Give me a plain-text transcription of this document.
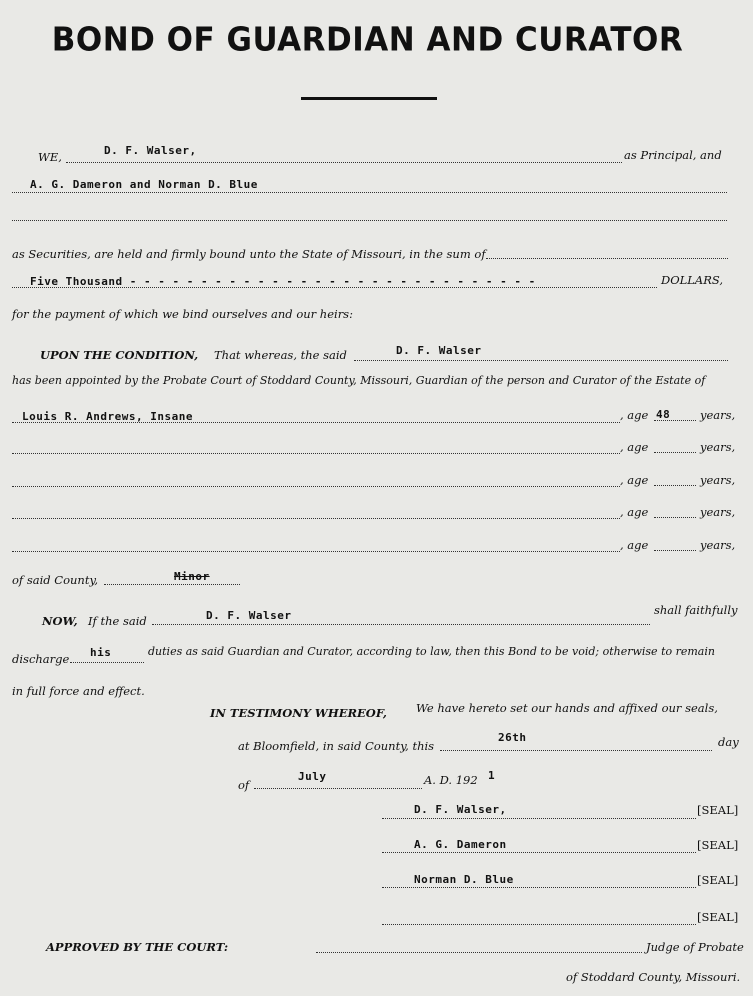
BOND OF GUARDIAN AND CURATOR
WE,	D. F. Walser,	as Principal, and
A. G. Dameron and Norman D. Blue
as Securities, are held and firmly bound unto the State of Missouri, in the sum of
Five Thousand - - - - - - - - - - - - - - - - - - - - - - - - - - - - -	DOLLARS,
for the payment of which we bind ourselves and our heirs:
UPON THE CONDITION, That whereas, the said	D. F. Walser
has been appointed by the Probate Court of Stoddard County, Missouri, Guardian of the person and Curator of the Estate of
Louis R. Andrews, Insane	, age 48	years,
, age	years,
, age	years,
, age	years,
, age	years,
of said County,	Minor
NOW, If the said	D. F. Walser	shall faithfully
discharge his	duties as said Guardian and Curator, according to law, then this Bond to be void; otherwise to remain
in full force and effect.
IN TESTIMONY WHEREOF,	We have hereto set our hands and affixed our seals,
at Bloomfield, in said County, this
26th	day
of
July	A. D. 192 1
D. F. Walser,	[SEAL]
A. G. Dameron	[SEAL]
Norman D. Blue	[SEAL]
[SEAL]
APPROVED BY THE COURT:	Judge of Probate
of Stoddard County, Missouri.
